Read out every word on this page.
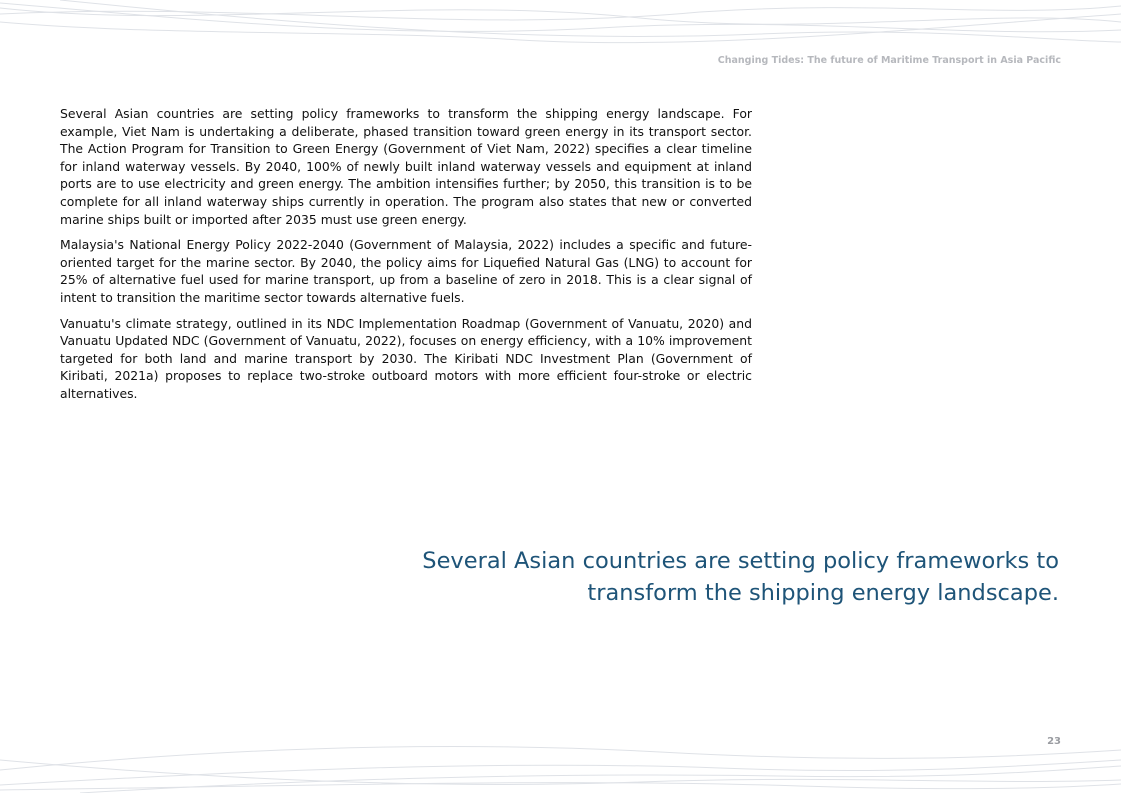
Changing Tides: The future of Maritime Transport in Asia Pacific

Several Asian countries are setting policy frameworks to transform the shipping energy landscape. For example, Viet Nam is undertaking a deliberate, phased transition toward green energy in its transport sector. The Action Program for Transition to Green Energy (Government of Viet Nam, 2022) specifies a clear timeline for inland waterway vessels. By 2040, 100% of newly built inland waterway vessels and equipment at inland ports are to use electricity and green energy. The ambition intensifies further; by 2050, this transition is to be complete for all inland waterway ships currently in operation. The program also states that new or converted marine ships built or imported after 2035 must use green energy.

Malaysia's National Energy Policy 2022-2040 (Government of Malaysia, 2022) includes a specific and future-oriented target for the marine sector. By 2040, the policy aims for Liquefied Natural Gas (LNG) to account for 25% of alternative fuel used for marine transport, up from a baseline of zero in 2018. This is a clear signal of intent to transition the maritime sector towards alternative fuels.

Vanuatu's climate strategy, outlined in its NDC Implementation Roadmap (Government of Vanuatu, 2020) and Vanuatu Updated NDC (Government of Vanuatu, 2022), focuses on energy efficiency, with a 10% improvement targeted for both land and marine transport by 2030. The Kiribati NDC Investment Plan (Government of Kiribati, 2021a) proposes to replace two-stroke outboard motors with more efficient four-stroke or electric alternatives.

Several Asian countries are setting policy frameworks to transform the shipping energy landscape.
23
